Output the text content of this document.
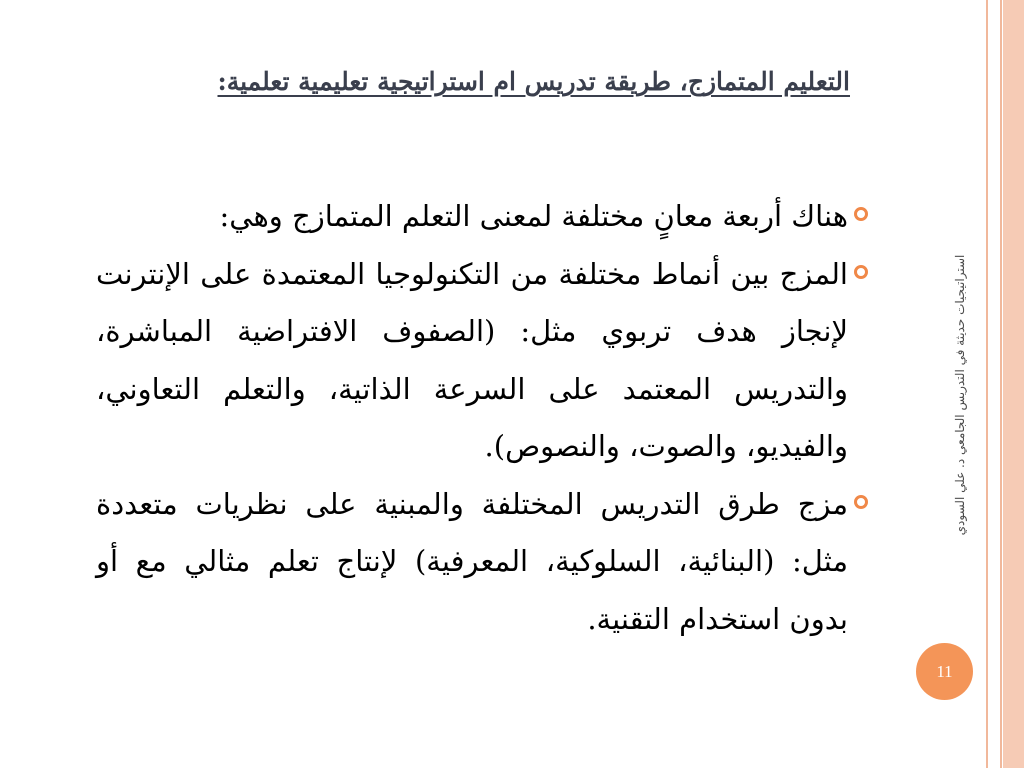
التعليم المتمازج، طريقة تدريس ام استراتيجية تعليمية تعلمية:
هناك أربعة معانٍ مختلفة لمعنى التعلم المتمازج وهي:
المزج بين أنماط مختلفة من التكنولوجيا المعتمدة على الإنترنت لإنجاز هدف تربوي مثل: (الصفوف الافتراضية المباشرة، والتدريس المعتمد على السرعة الذاتية، والتعلم التعاوني، والفيديو، والصوت، والنصوص).
مزج طرق التدريس المختلفة والمبنية على نظريات متعددة مثل: (البنائية، السلوكية، المعرفية) لإنتاج تعلم مثالي مع أو بدون استخدام التقنية.
استراتيجيات حديثة في التدريس الجامعي د. علي السودي
11
